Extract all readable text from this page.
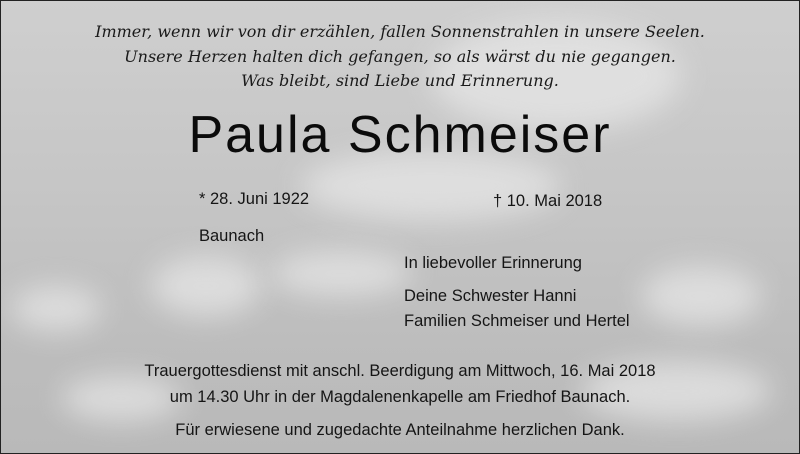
Immer, wenn wir von dir erzählen, fallen Sonnenstrahlen in unsere Seelen.
Unsere Herzen halten dich gefangen, so als wärst du nie gegangen.
Was bleibt, sind Liebe und Erinnerung.
Paula Schmeiser
* 28. Juni 1922	† 10. Mai 2018
Baunach
In liebevoller Erinnerung
Deine Schwester Hanni
Familien Schmeiser und Hertel
Trauergottesdienst mit anschl. Beerdigung am Mittwoch, 16. Mai 2018
um 14.30 Uhr in der Magdalenenkapelle am Friedhof Baunach.
Für erwiesene und zugedachte Anteilnahme herzlichen Dank.
